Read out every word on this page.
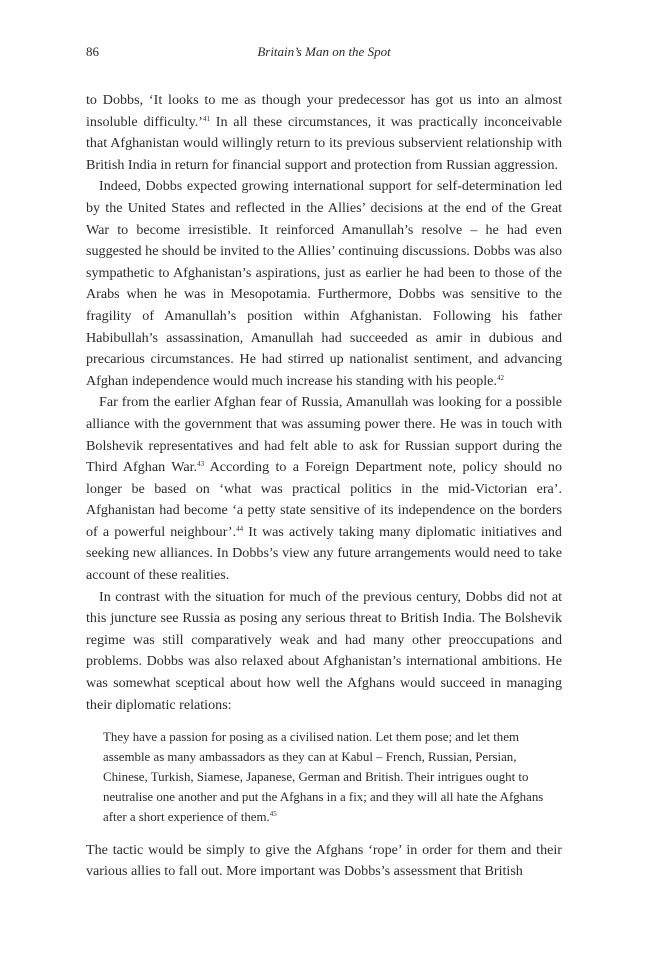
86	Britain’s Man on the Spot

to Dobbs, ‘It looks to me as though your predecessor has got us into an almost insoluble difficulty.’$^{41}$ In all these circumstances, it was practically inconceivable that Afghanistan would willingly return to its previous subservient relationship with British India in return for financial support and protection from Russian aggression.

Indeed, Dobbs expected growing international support for self-determination led by the United States and reflected in the Allies’ decisions at the end of the Great War to become irresistible. It reinforced Amanullah’s resolve – he had even suggested he should be invited to the Allies’ continuing discussions. Dobbs was also sympathetic to Afghanistan’s aspirations, just as earlier he had been to those of the Arabs when he was in Mesopotamia. Furthermore, Dobbs was sensitive to the fragility of Amanullah’s position within Afghanistan. Following his father Habibullah’s assassination, Amanullah had succeeded as amir in dubious and precarious circumstances. He had stirred up nationalist sentiment, and advancing Afghan independence would much increase his standing with his people.$^{42}$

Far from the earlier Afghan fear of Russia, Amanullah was looking for a possible alliance with the government that was assuming power there. He was in touch with Bolshevik representatives and had felt able to ask for Russian support during the Third Afghan War.$^{43}$ According to a Foreign Department note, policy should no longer be based on ‘what was practical politics in the mid-Victorian era’. Afghanistan had become ‘a petty state sensitive of its independence on the borders of a powerful neighbour’.$^{44}$ It was actively taking many diplomatic initiatives and seeking new alliances. In Dobbs’s view any future arrangements would need to take account of these realities.

In contrast with the situation for much of the previous century, Dobbs did not at this juncture see Russia as posing any serious threat to British India. The Bolshevik regime was still comparatively weak and had many other preoccupations and problems. Dobbs was also relaxed about Afghanistan’s international ambitions. He was somewhat sceptical about how well the Afghans would succeed in managing their diplomatic relations:

They have a passion for posing as a civilised nation. Let them pose; and let them assemble as many ambassadors as they can at Kabul – French, Russian, Persian, Chinese, Turkish, Siamese, Japanese, German and British. Their intrigues ought to neutralise one another and put the Afghans in a fix; and they will all hate the Afghans after a short experience of them.$^{45}$

The tactic would be simply to give the Afghans ‘rope’ in order for them and their various allies to fall out. More important was Dobbs’s assessment that British
